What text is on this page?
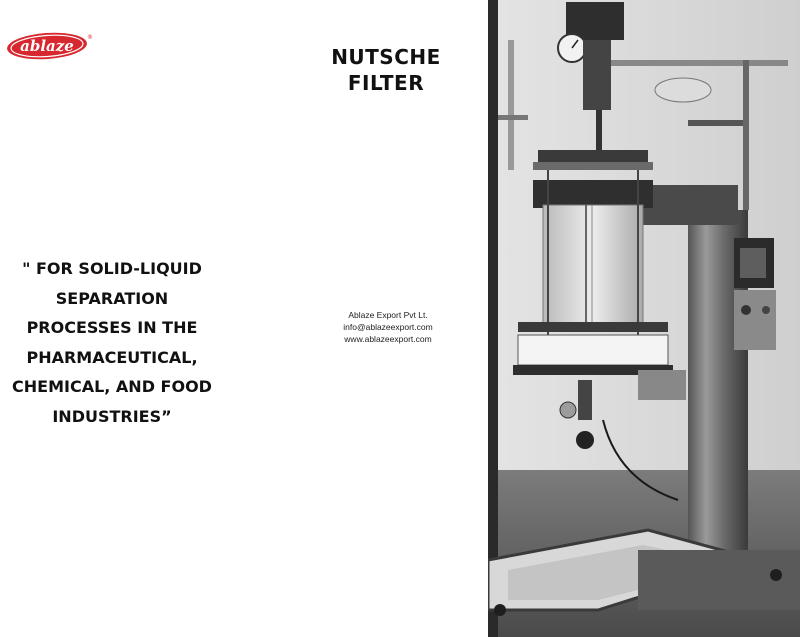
ablaze ®
NUTSCHE
FILTER
" FOR SOLID-LIQUID
SEPARATION
PROCESSES IN THE
PHARMACEUTICAL,
CHEMICAL, AND FOOD
INDUSTRIES”
Ablaze Export Pvt Lt.
info@ablazeexport.com
www.ablazeexport.com
